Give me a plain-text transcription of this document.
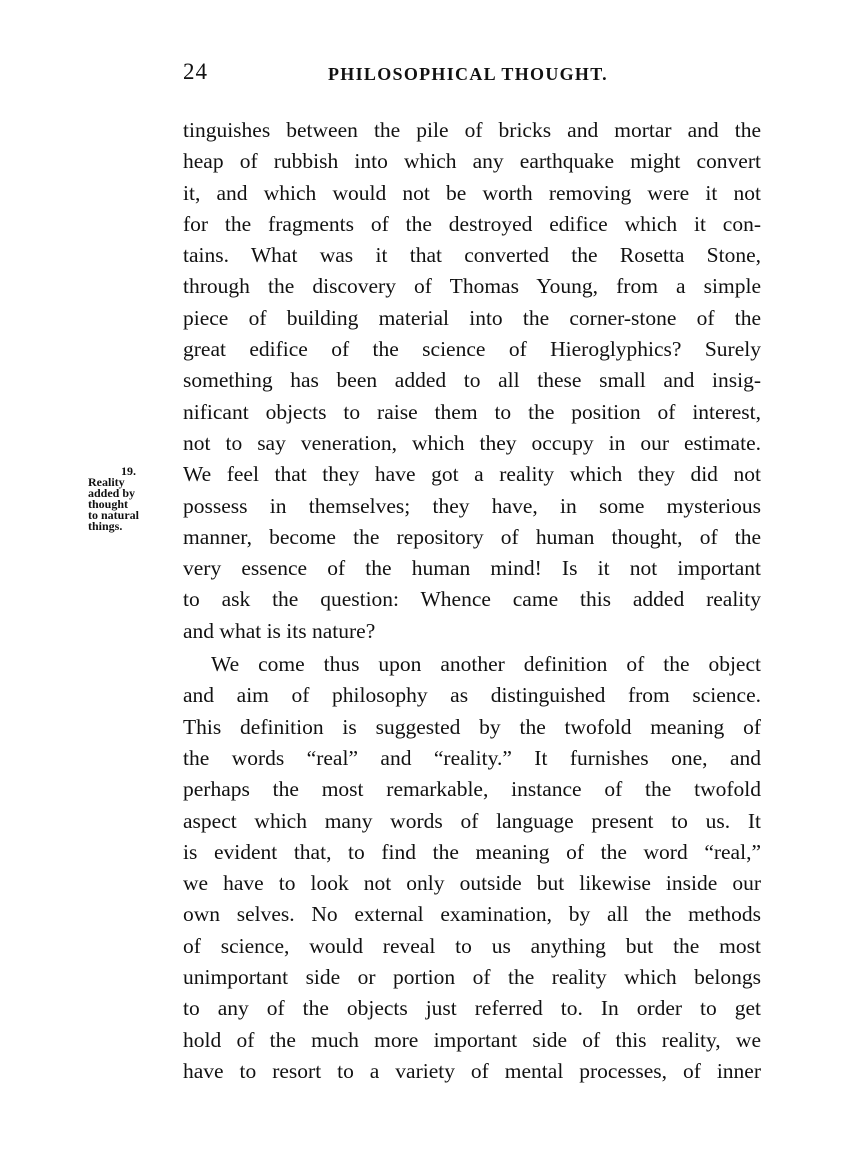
24	PHILOSOPHICAL THOUGHT.
19.
Reality
added by
thought
to natural
things.
tinguishes between the pile of bricks and mortar and the
heap of rubbish into which any earthquake might convert
it, and which would not be worth removing were it not
for the fragments of the destroyed edifice which it con-
tains. What was it that converted the Rosetta Stone,
through the discovery of Thomas Young, from a simple
piece of building material into the corner-stone of the
great edifice of the science of Hieroglyphics? Surely
something has been added to all these small and insig-
nificant objects to raise them to the position of interest,
not to say veneration, which they occupy in our estimate.
We feel that they have got a reality which they did not
possess in themselves; they have, in some mysterious
manner, become the repository of human thought, of the
very essence of the human mind! Is it not important
to ask the question: Whence came this added reality
and what is its nature?
We come thus upon another definition of the object
and aim of philosophy as distinguished from science.
This definition is suggested by the twofold meaning of
the words “real” and “reality.” It furnishes one, and
perhaps the most remarkable, instance of the twofold
aspect which many words of language present to us. It
is evident that, to find the meaning of the word “real,”
we have to look not only outside but likewise inside our
own selves. No external examination, by all the methods
of science, would reveal to us anything but the most
unimportant side or portion of the reality which belongs
to any of the objects just referred to. In order to get
hold of the much more important side of this reality, we
have to resort to a variety of mental processes, of inner
